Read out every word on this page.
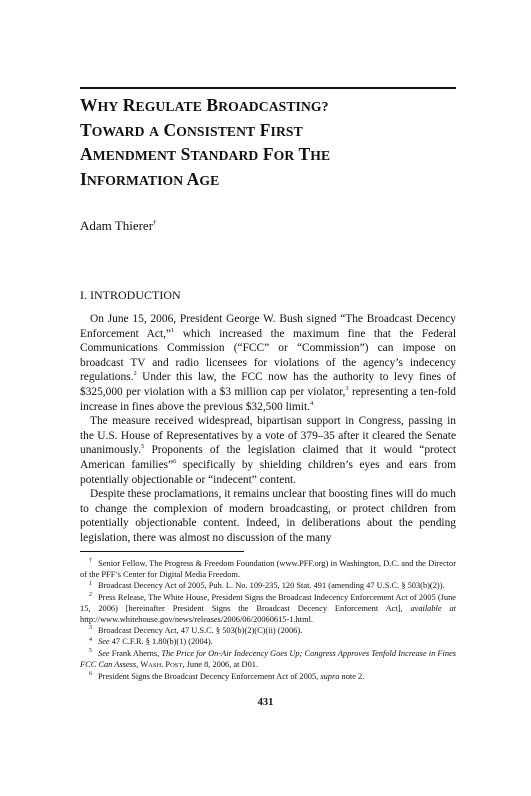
WHY REGULATE BROADCASTING?
TOWARD A CONSISTENT FIRST
AMENDMENT STANDARD FOR THE
INFORMATION AGE
Adam Thierer†
I. INTRODUCTION

On June 15, 2006, President George W. Bush signed “The Broadcast Decency Enforcement Act,”$^1$ which increased the maximum fine that the Federal Communications Commission (“FCC” or “Commission”) can impose on broadcast TV and radio licensees for violations of the agency’s indecency regulations.$^2$ Under this law, the FCC now has the authority to levy fines of $325,000 per violation with a $3 million cap per violator,$^3$ representing a ten-fold increase in fines above the previous $32,500 limit.$^4$

The measure received widespread, bipartisan support in Congress, passing in the U.S. House of Representatives by a vote of 379–35 after it cleared the Senate unanimously.$^5$ Proponents of the legislation claimed that it would “protect American families”$^6$ specifically by shielding children’s eyes and ears from potentially objectionable or “indecent” content.

Despite these proclamations, it remains unclear that boosting fines will do much to change the complexion of modern broadcasting, or protect children from potentially objectionable content. Indeed, in deliberations about the pending legislation, there was almost no discussion of the many

† Senior Fellow, The Progress & Freedom Foundation (www.PFF.org) in Washington, D.C. and the Director of the PFF’s Center for Digital Media Freedom.

$^1$ Broadcast Decency Act of 2005, Pub. L. No. 109-235, 120 Stat. 491 (amending 47 U.S.C. § 503(b)(2)).

$^2$ Press Release, The White House, President Signs the Broadcast Indecency Enforcement Act of 2005 (June 15, 2006) [hereinafter President Signs the Broadcast Decency Enforcement Act], available at http://www.whitehouse.gov/news/releases/2006/06/20060615-1.html.

$^3$ Broadcast Decency Act, 47 U.S.C. § 503(b)(2)(C)(ii) (2006).

$^4$ See 47 C.F.R. § 1.80(b)(1) (2004).

$^5$ See Frank Aherns, The Price for On-Air Indecency Goes Up; Congress Approves Tenfold Increase in Fines FCC Can Assess, WASH. POST, June 8, 2006, at D01.

$^6$ President Signs the Broadcast Decency Enforcement Act of 2005, supra note 2.

431
